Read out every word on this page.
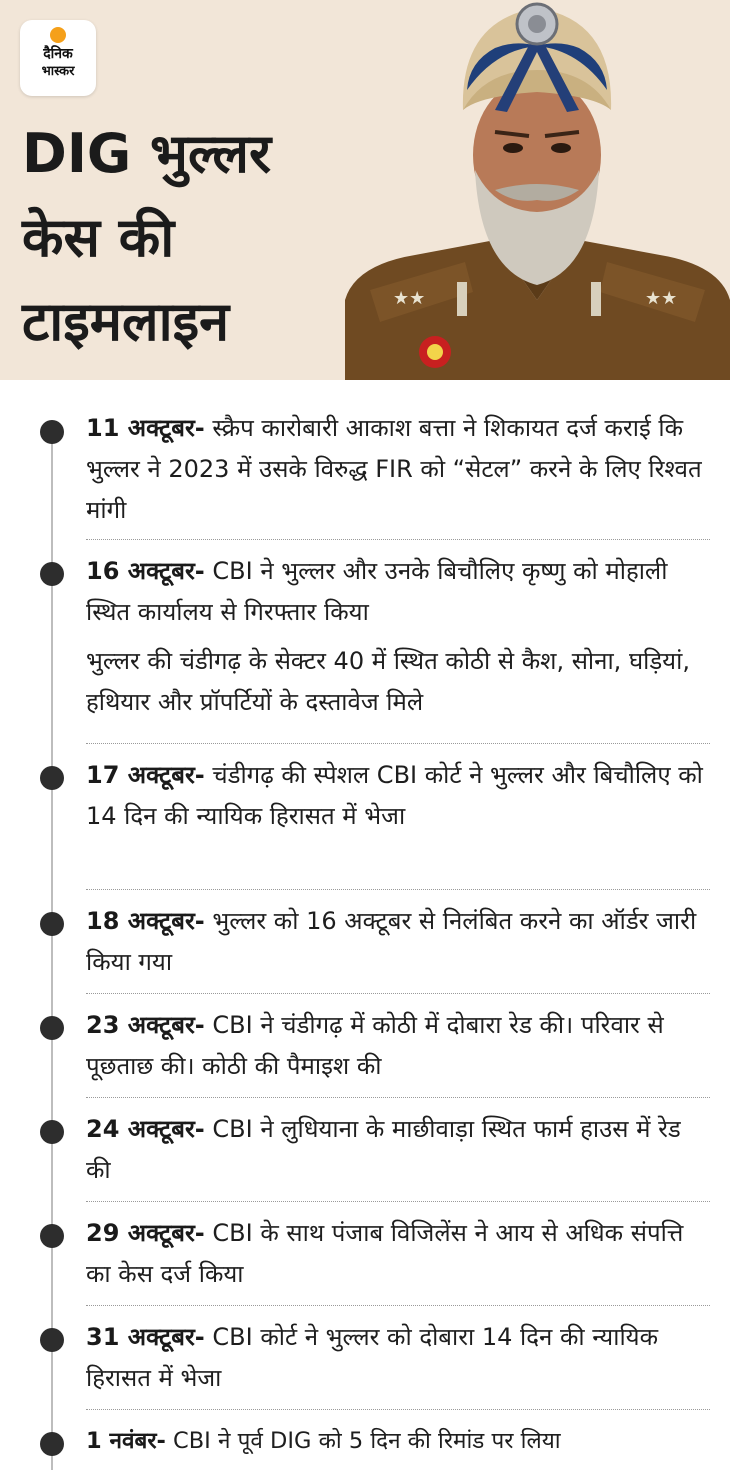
दैनिक
भास्कर
DIG भुल्लर
केस की
टाइमलाइन	★★	★★
11 अक्टूबर- स्क्रैप कारोबारी आकाश बत्ता ने शिकायत दर्ज कराई कि भुल्लर ने 2023 में उसके विरुद्ध FIR को “सेटल” करने के लिए रिश्वत मांगी
16 अक्टूबर- CBI ने भुल्लर और उनके बिचौलिए कृष्णु को मोहाली स्थित कार्यालय से गिरफ्तार किया
भुल्लर की चंडीगढ़ के सेक्टर 40 में स्थित कोठी से कैश, सोना, घड़ियां, हथियार और प्रॉपर्टियों के दस्तावेज मिले
17 अक्टूबर- चंडीगढ़ की स्पेशल CBI कोर्ट ने भुल्लर और बिचौलिए को 14 दिन की न्यायिक हिरासत में भेजा
18 अक्टूबर- भुल्लर को 16 अक्टूबर से निलंबित करने का ऑर्डर जारी किया गया
23 अक्टूबर- CBI ने चंडीगढ़ में कोठी में दोबारा रेड की। परिवार से पूछताछ की। कोठी की पैमाइश की
24 अक्टूबर- CBI ने लुधियाना के माछीवाड़ा स्थित फार्म हाउस में रेड की
29 अक्टूबर- CBI के साथ पंजाब विजिलेंस ने आय से अधिक संपत्ति का केस दर्ज किया
31 अक्टूबर- CBI कोर्ट ने भुल्लर को दोबारा 14 दिन की न्यायिक हिरासत में भेजा
1 नवंबर- CBI ने पूर्व DIG को 5 दिन की रिमांड पर लिया
